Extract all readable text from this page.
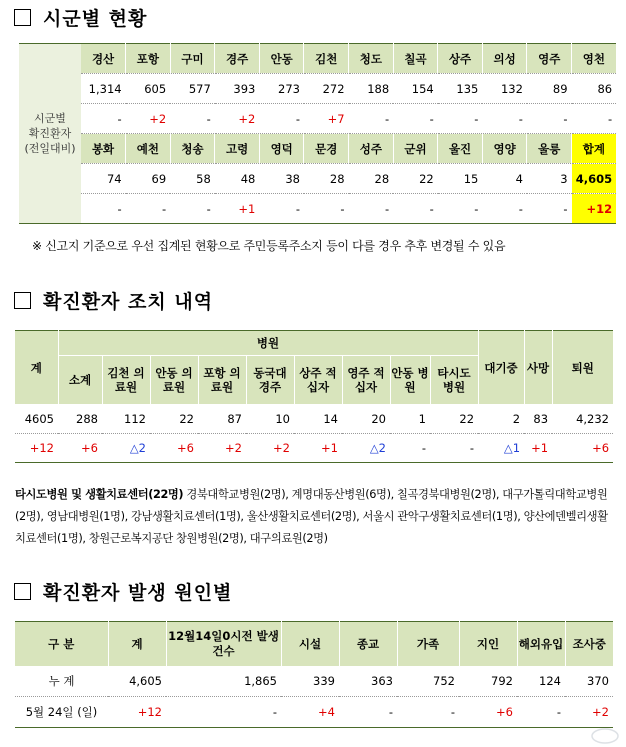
시군별 현황
시군별
확진환자
(전일대비)	경산	포항	구미	경주	안동	김천	청도	칠곡	상주	의성	영주	영천
	1,314	605	577	393	273	272	188	154	135	132	89	86
	-	+2	-	+2	-	+7	-	-	-	-	-	-
	봉화	예천	청송	고령	영덕	문경	성주	군위	울진	영양	울릉	합계
	74	69	58	48	38	28	28	22	15	4	3	4,605
	-	-	-	+1	-	-	-	-	-	-	-	+12
※ 신고지 기준으로 우선 집계된 현황으로 주민등록주소지 등이 다를 경우 추후 변경될 수 있음
확진환자 조치 내역
계	병원									대기중	사망	퇴원
	소계	김천 의료원	안동 의료원	포항 의료원	동국대 경주	상주 적십자	영주 적십자	안동 병원	타시도 병원			
4605	288	112	22	87	10	14	20	1	22	2	83	4,232
+12	+6	△2	+6	+2	+2	+1	△2	-	-	△1	+1	+6
타시도병원 및 생활치료센터(22명) 경북대학교병원(2명), 계명대동산병원(6명), 칠곡경북대병원(2명), 대구가톨릭대학교병원(2명), 영남대병원(1명), 강남생활치료센터(1명), 울산생활치료센터(2명), 서울시 관악구생활치료센터(1명), 양산에덴벨리생활치료센터(1명), 창원근로복지공단 창원병원(2명), 대구의료원(2명)
확진환자 발생 원인별
구 분	계	12월14일0시전 발생건수	시설	종교	가족	지인	해외유입	조사중
누 계	4,605	1,865	339	363	752	792	124	370
5월 24일 (일)	+12	-	+4	-	-	+6	-	+2
